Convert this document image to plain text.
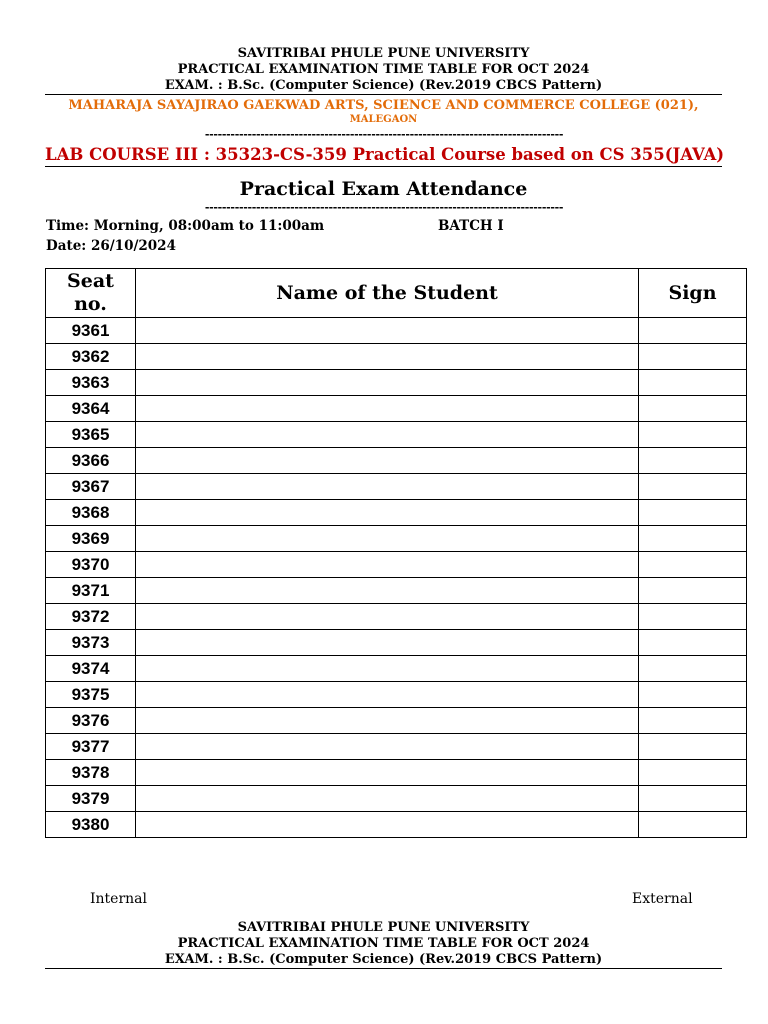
SAVITRIBAI PHULE PUNE UNIVERSITY
PRACTICAL EXAMINATION TIME TABLE FOR OCT 2024
EXAM. : B.Sc. (Computer Science) (Rev.2019 CBCS Pattern)
MAHARAJA SAYAJIRAO GAEKWAD ARTS, SCIENCE AND COMMERCE COLLEGE (021),
MALEGAON
------------------------------------------------------------------------------------
LAB COURSE III : 35323-CS-359 Practical Course based on CS 355(JAVA)
Practical Exam Attendance
------------------------------------------------------------------------------------
Time: Morning, 08:00am to 11:00am	BATCH I
Date: 26/10/2024
Seat
no.	Name of the Student	Sign
9361		
9362		
9363		
9364		
9365		
9366		
9367		
9368		
9369		
9370		
9371		
9372		
9373		
9374		
9375		
9376		
9377		
9378		
9379		
9380		
Internal	External
SAVITRIBAI PHULE PUNE UNIVERSITY
PRACTICAL EXAMINATION TIME TABLE FOR OCT 2024
EXAM. : B.Sc. (Computer Science) (Rev.2019 CBCS Pattern)
